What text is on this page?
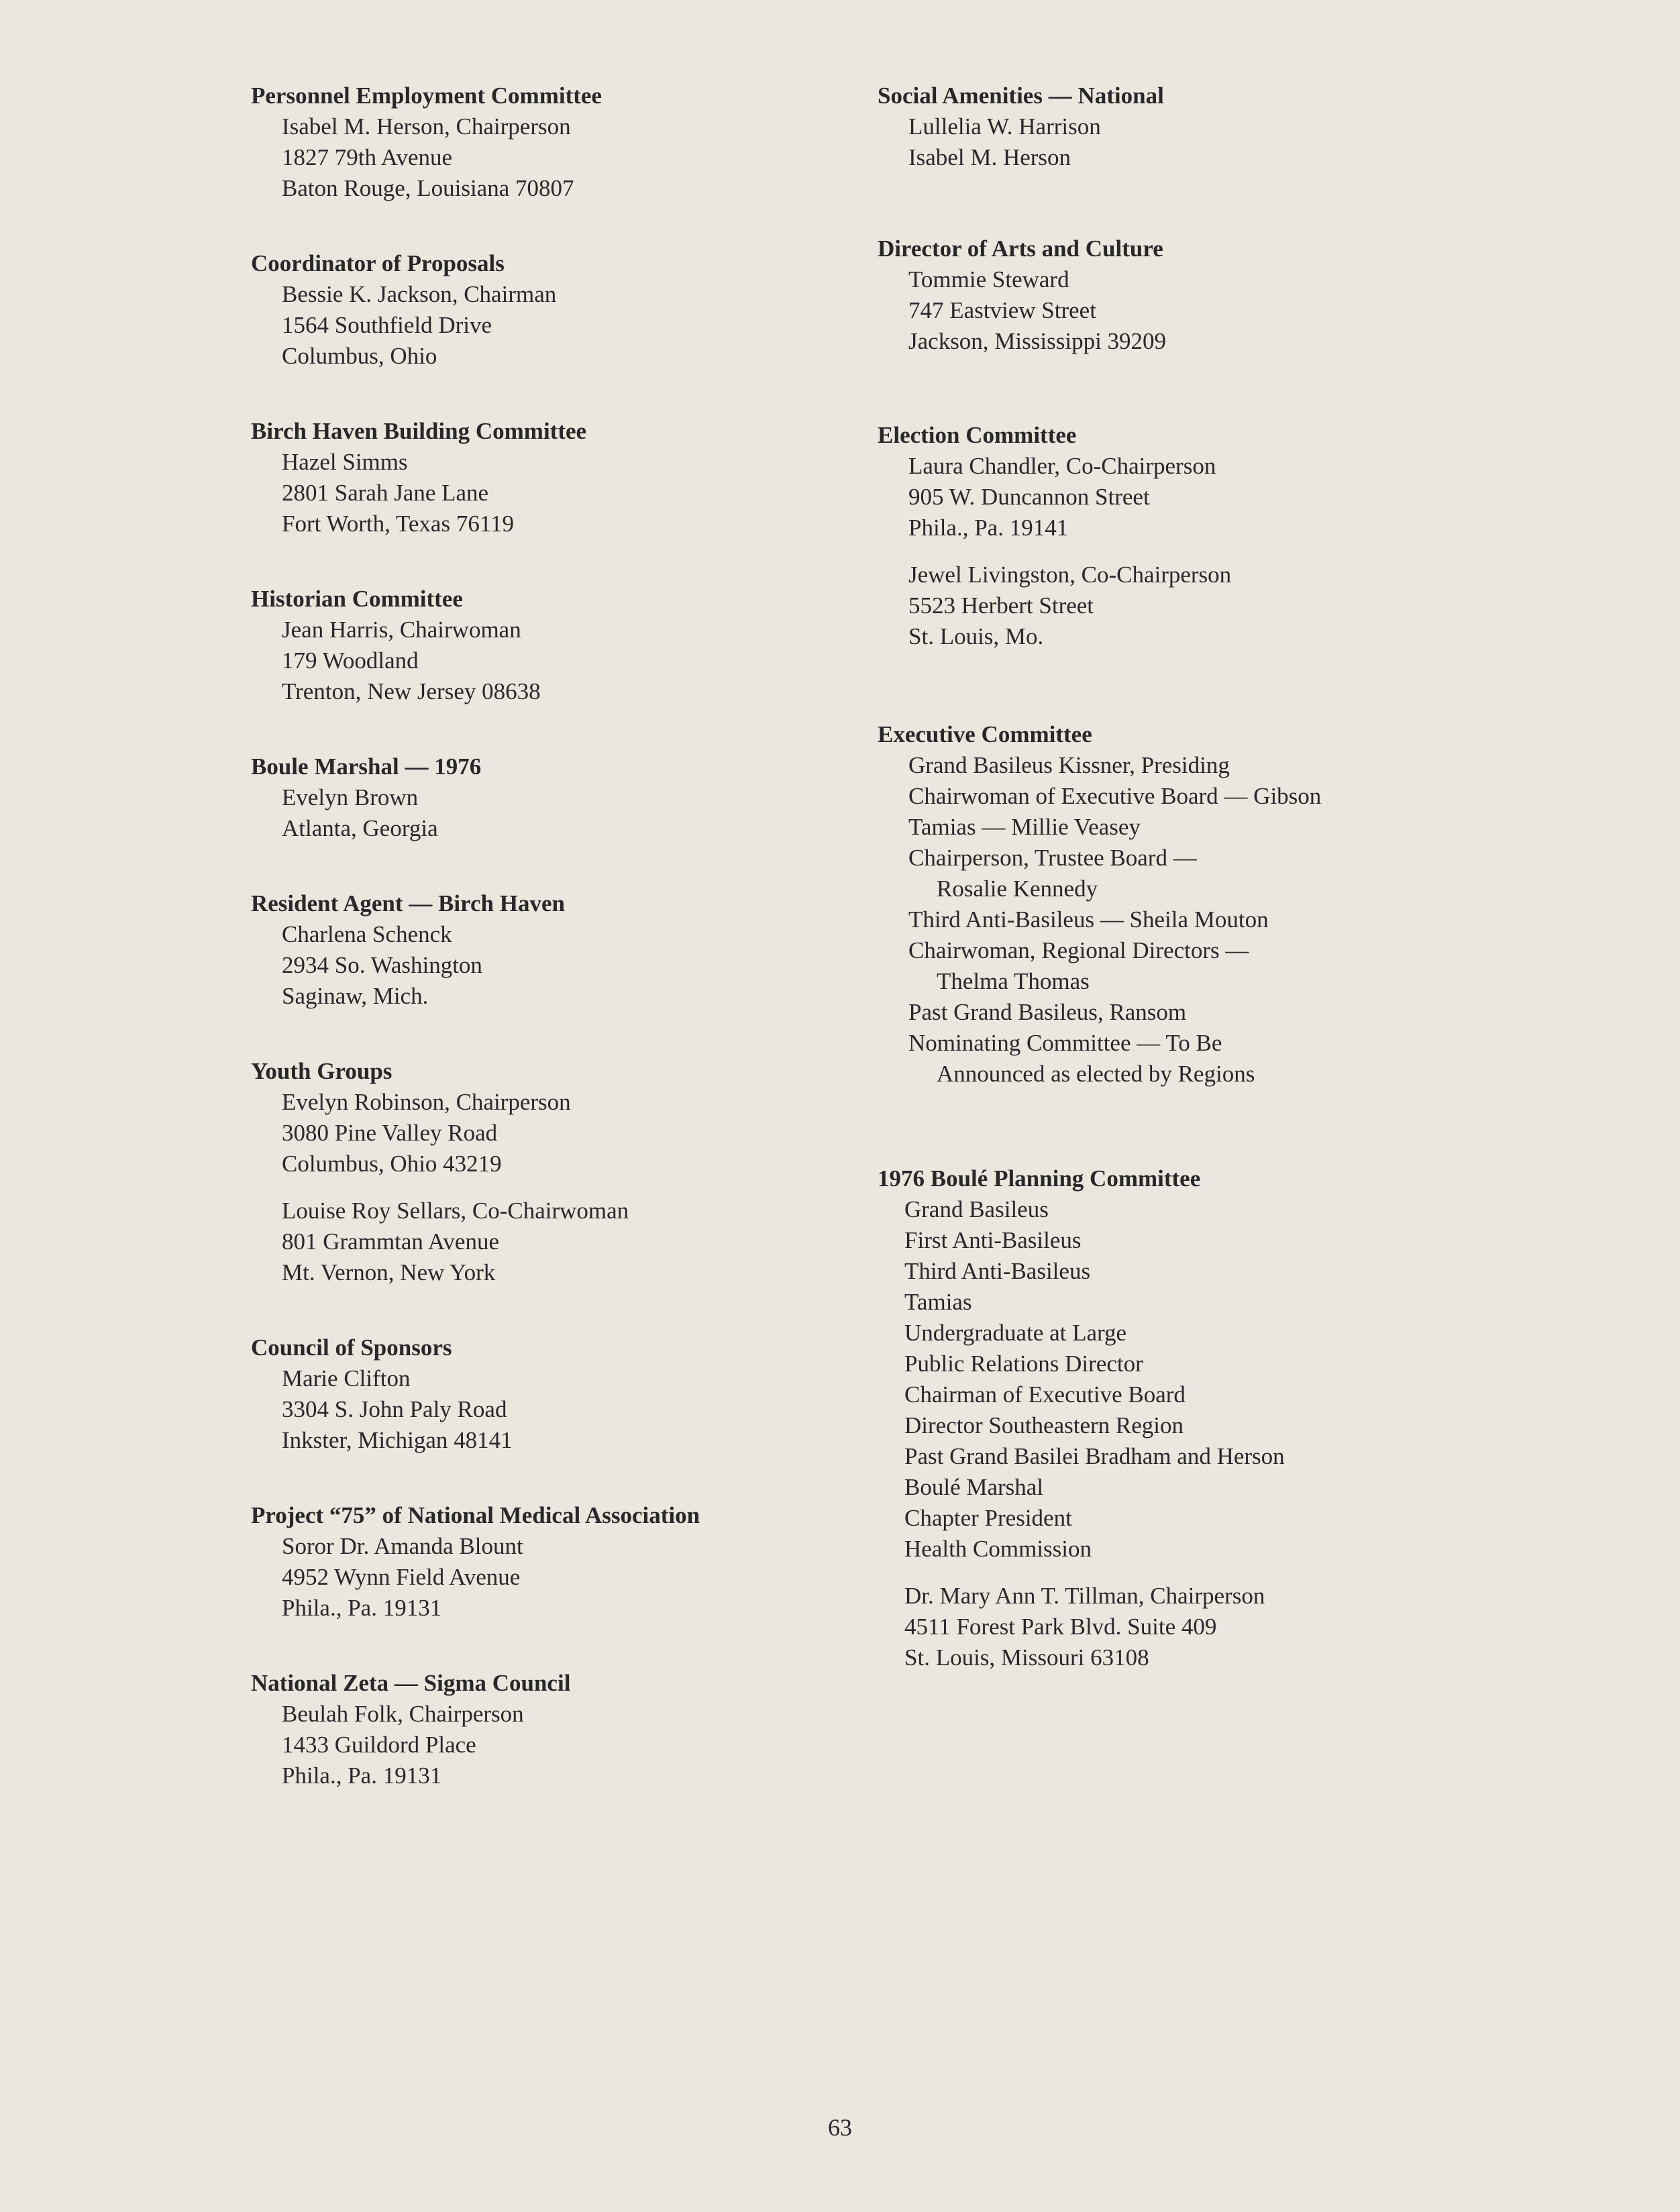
Personnel Employment Committee
Isabel M. Herson, Chairperson
1827 79th Avenue
Baton Rouge, Louisiana 70807
Coordinator of Proposals
Bessie K. Jackson, Chairman
1564 Southfield Drive
Columbus, Ohio
Birch Haven Building Committee
Hazel Simms
2801 Sarah Jane Lane
Fort Worth, Texas 76119
Historian Committee
Jean Harris, Chairwoman
179 Woodland
Trenton, New Jersey 08638
Boule Marshal — 1976
Evelyn Brown
Atlanta, Georgia
Resident Agent — Birch Haven
Charlena Schenck
2934 So. Washington
Saginaw, Mich.
Youth Groups
Evelyn Robinson, Chairperson
3080 Pine Valley Road
Columbus, Ohio 43219
Louise Roy Sellars, Co-Chairwoman
801 Grammtan Avenue
Mt. Vernon, New York
Council of Sponsors
Marie Clifton
3304 S. John Paly Road
Inkster, Michigan 48141
Project “75” of National Medical Association
Soror Dr. Amanda Blount
4952 Wynn Field Avenue
Phila., Pa. 19131
National Zeta — Sigma Council
Beulah Folk, Chairperson
1433 Guildord Place
Phila., Pa. 19131
Social Amenities — National
Lullelia W. Harrison
Isabel M. Herson
Director of Arts and Culture
Tommie Steward
747 Eastview Street
Jackson, Mississippi 39209
Election Committee
Laura Chandler, Co-Chairperson
905 W. Duncannon Street
Phila., Pa. 19141
Jewel Livingston, Co-Chairperson
5523 Herbert Street
St. Louis, Mo.
Executive Committee
Grand Basileus Kissner, Presiding
Chairwoman of Executive Board — Gibson
Tamias — Millie Veasey
Chairperson, Trustee Board —
Rosalie Kennedy
Third Anti-Basileus — Sheila Mouton
Chairwoman, Regional Directors —
Thelma Thomas
Past Grand Basileus, Ransom
Nominating Committee — To Be
Announced as elected by Regions
1976 Boulé Planning Committee
Grand Basileus
First Anti-Basileus
Third Anti-Basileus
Tamias
Undergraduate at Large
Public Relations Director
Chairman of Executive Board
Director Southeastern Region
Past Grand Basilei Bradham and Herson
Boulé Marshal
Chapter President
Health Commission
Dr. Mary Ann T. Tillman, Chairperson
4511 Forest Park Blvd. Suite 409
St. Louis, Missouri 63108
63
